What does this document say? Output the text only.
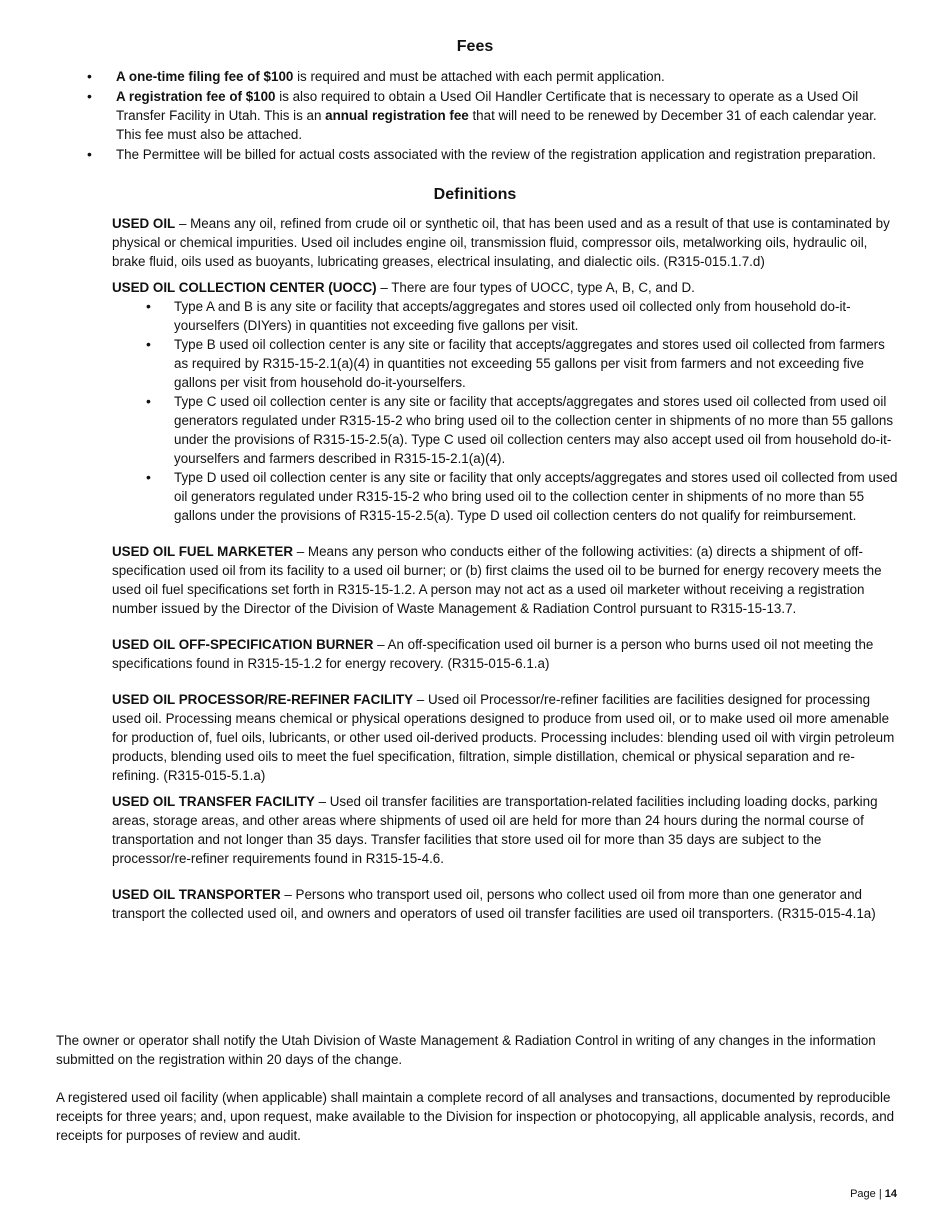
Fees
• A one-time filing fee of $100 is required and must be attached with each permit application.
• A registration fee of $100 is also required to obtain a Used Oil Handler Certificate that is necessary to operate as a Used Oil Transfer Facility in Utah. This is an annual registration fee that will need to be renewed by December 31 of each calendar year. This fee must also be attached.
• The Permittee will be billed for actual costs associated with the review of the registration application and registration preparation.
Definitions

USED OIL – Means any oil, refined from crude oil or synthetic oil, that has been used and as a result of that use is contaminated by physical or chemical impurities. Used oil includes engine oil, transmission fluid, compressor oils, metalworking oils, hydraulic oil, brake fluid, oils used as buoyants, lubricating greases, electrical insulating, and dialectic oils. (R315-015.1.7.d)

USED OIL COLLECTION CENTER (UOCC) – There are four types of UOCC, type A, B, C, and D.

• Type A and B is any site or facility that accepts/aggregates and stores used oil collected only from household do-it-yourselfers (DIYers) in quantities not exceeding five gallons per visit.
• Type B used oil collection center is any site or facility that accepts/aggregates and stores used oil collected from farmers as required by R315-15-2.1(a)(4) in quantities not exceeding 55 gallons per visit from farmers and not exceeding five gallons per visit from household do-it-yourselfers.
• Type C used oil collection center is any site or facility that accepts/aggregates and stores used oil collected from used oil generators regulated under R315-15-2 who bring used oil to the collection center in shipments of no more than 55 gallons under the provisions of R315-15-2.5(a). Type C used oil collection centers may also accept used oil from household do-it-yourselfers and farmers described in R315-15-2.1(a)(4).
• Type D used oil collection center is any site or facility that only accepts/aggregates and stores used oil collected from used oil generators regulated under R315-15-2 who bring used oil to the collection center in shipments of no more than 55 gallons under the provisions of R315-15-2.5(a). Type D used oil collection centers do not qualify for reimbursement.

USED OIL FUEL MARKETER – Means any person who conducts either of the following activities: (a) directs a shipment of off-specification used oil from its facility to a used oil burner; or (b) first claims the used oil to be burned for energy recovery meets the used oil fuel specifications set forth in R315-15-1.2. A person may not act as a used oil marketer without receiving a registration number issued by the Director of the Division of Waste Management & Radiation Control pursuant to R315-15-13.7.

USED OIL OFF-SPECIFICATION BURNER – An off-specification used oil burner is a person who burns used oil not meeting the specifications found in R315-15-1.2 for energy recovery. (R315-015-6.1.a)

USED OIL PROCESSOR/RE-REFINER FACILITY – Used oil Processor/re-refiner facilities are facilities designed for processing used oil. Processing means chemical or physical operations designed to produce from used oil, or to make used oil more amenable for production of, fuel oils, lubricants, or other used oil-derived products. Processing includes: blending used oil with virgin petroleum products, blending used oils to meet the fuel specification, filtration, simple distillation, chemical or physical separation and re-refining. (R315-015-5.1.a)

USED OIL TRANSFER FACILITY – Used oil transfer facilities are transportation-related facilities including loading docks, parking areas, storage areas, and other areas where shipments of used oil are held for more than 24 hours during the normal course of transportation and not longer than 35 days. Transfer facilities that store used oil for more than 35 days are subject to the processor/re-refiner requirements found in R315-15-4.6.

USED OIL TRANSPORTER – Persons who transport used oil, persons who collect used oil from more than one generator and transport the collected used oil, and owners and operators of used oil transfer facilities are used oil transporters. (R315-015-4.1a)

The owner or operator shall notify the Utah Division of Waste Management & Radiation Control in writing of any changes in the information submitted on the registration within 20 days of the change.

A registered used oil facility (when applicable) shall maintain a complete record of all analyses and transactions, documented by reproducible receipts for three years; and, upon request, make available to the Division for inspection or photocopying, all applicable analysis, records, and receipts for purposes of review and audit.

Page | 14
